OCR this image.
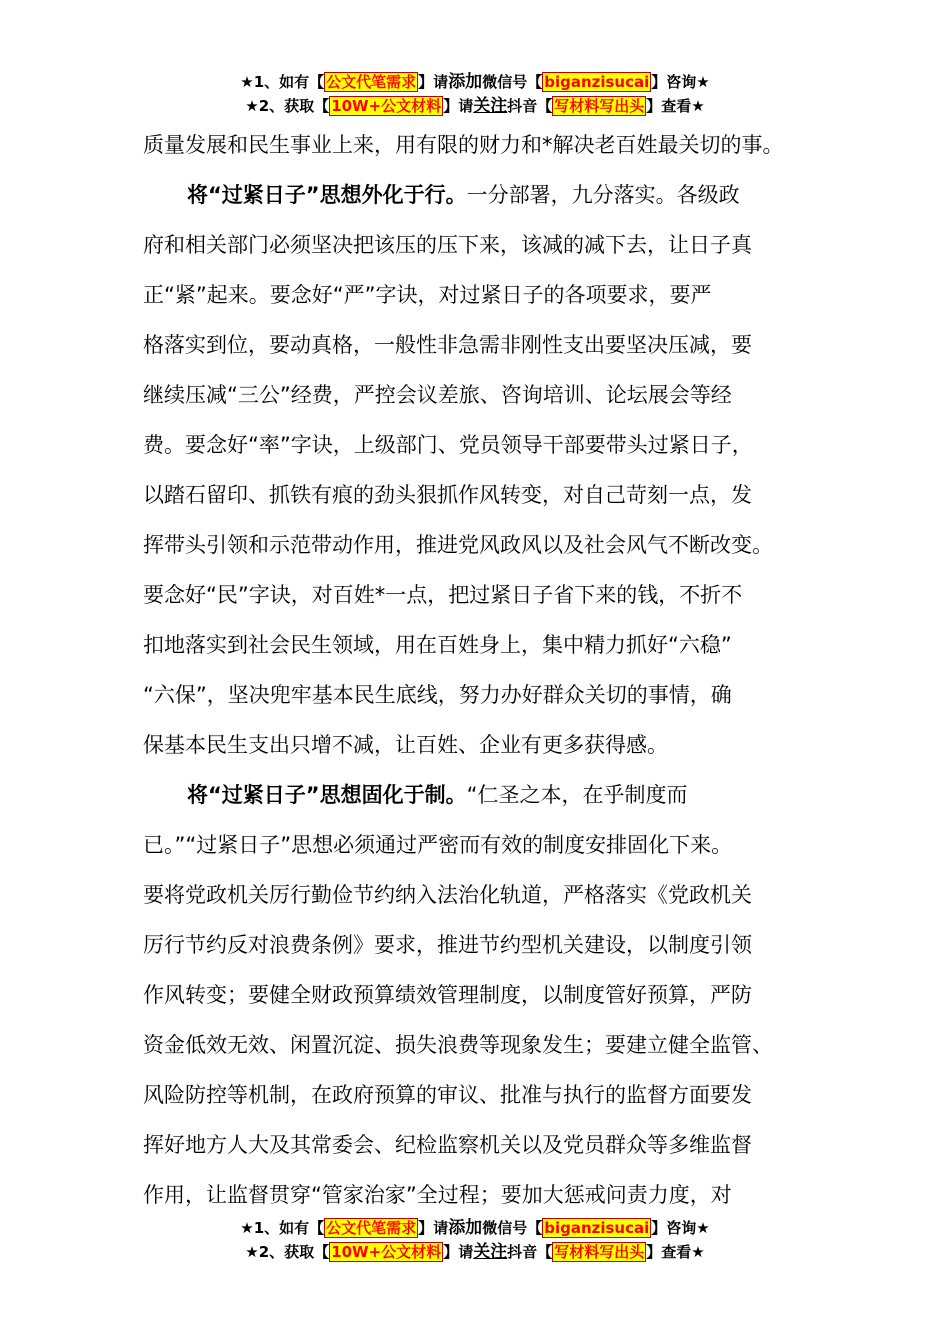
★1、如有【 公文代笔需求 】请添加微信号【 biganzisucai 】咨询★
★2、获取【 10W+公文材料 】请关注抖音【 写材料写出头 】查看★
质量发展和民生事业上来，用有限的财力和*解决老百姓最关切的事。
将“过紧日子”思想外化于行。一分部署，九分落实。各级政
府和相关部门必须坚决把该压的压下来，该减的减下去，让日子真
正“紧”起来。要念好“严”字诀，对过紧日子的各项要求，要严
格落实到位，要动真格，一般性非急需非刚性支出要坚决压减，要
继续压减“三公”经费，严控会议差旅、咨询培训、论坛展会等经
费。要念好“率”字诀，上级部门、党员领导干部要带头过紧日子，
以踏石留印、抓铁有痕的劲头狠抓作风转变，对自己苛刻一点，发
挥带头引领和示范带动作用，推进党风政风以及社会风气不断改变。
要念好“民”字诀，对百姓*一点，把过紧日子省下来的钱，不折不
扣地落实到社会民生领域，用在百姓身上，集中精力抓好“六稳”
“六保”，坚决兜牢基本民生底线，努力办好群众关切的事情，确
保基本民生支出只增不减，让百姓、企业有更多获得感。
将“过紧日子”思想固化于制。“仁圣之本，在乎制度而
已。”“过紧日子”思想必须通过严密而有效的制度安排固化下来。
要将党政机关厉行勤俭节约纳入法治化轨道，严格落实《党政机关
厉行节约反对浪费条例》要求，推进节约型机关建设，以制度引领
作风转变；要健全财政预算绩效管理制度，以制度管好预算，严防
资金低效无效、闲置沉淀、损失浪费等现象发生；要建立健全监管、
风险防控等机制，在政府预算的审议、批准与执行的监督方面要发
挥好地方人大及其常委会、纪检监察机关以及党员群众等多维监督
作用，让监督贯穿“管家治家”全过程；要加大惩戒问责力度，对
★1、如有【 公文代笔需求 】请添加微信号【 biganzisucai 】咨询★
★2、获取【 10W+公文材料 】请关注抖音【 写材料写出头 】查看★
